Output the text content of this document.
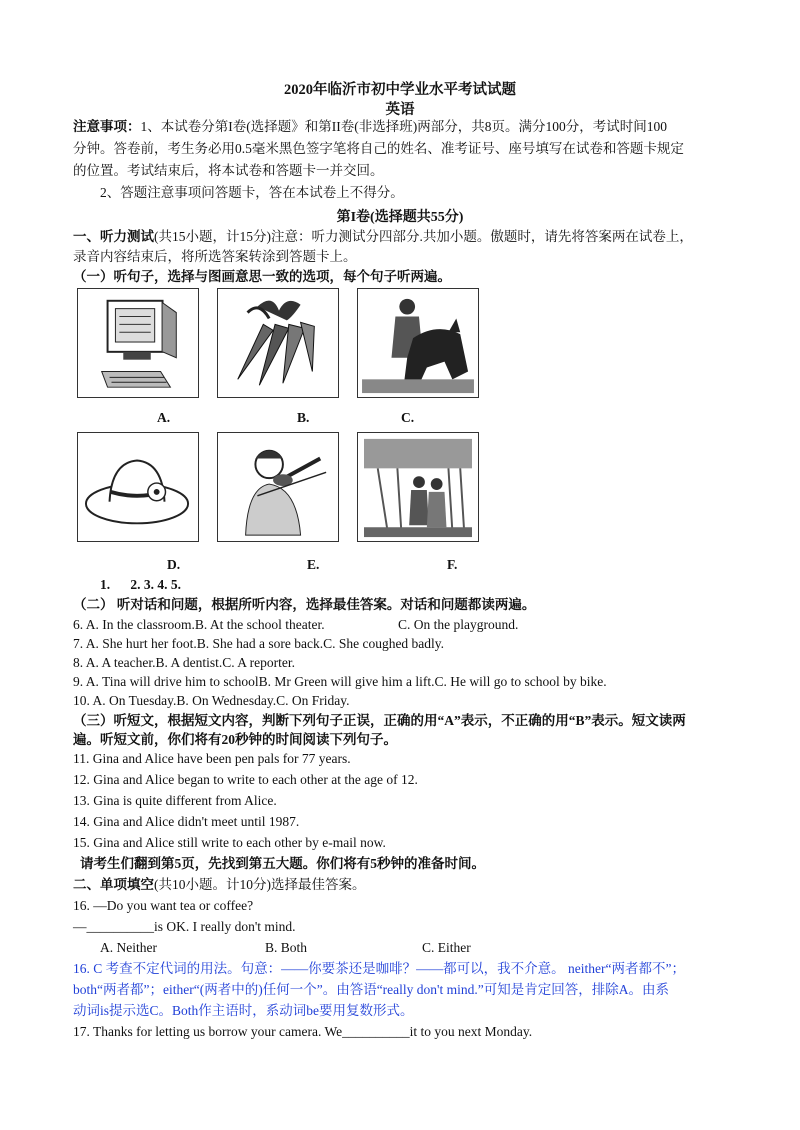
2020年临沂市初中学业水平考试试题
英语
注意事项：1、本试卷分第I卷(选择题》和第II卷(非选择班)两部分，共8页。满分100分，考试时间100
分钟。答卷前，考生务必用0.5毫米黑色签字笔将自己的姓名、准考证号、座号填写在试卷和答题卡规定
的位置。考试结束后，将本试卷和答题卡一并交回。
2、答题注意事项问答题卡，答在本试卷上不得分。
第I卷(选择题共55分)
一、听力测试(共15小题，计15分)注意：听力测试分四部分.共加小题。傲题时，请先将答案两在试卷上，
录音内容结束后，将所选答案转涂到答题卡上。
（一）听句子，选择与图画意思一致的选项，每个句子听两遍。
A.	B.	C.
D.	E.	F.
1.      2. 3. 4. 5.
（二） 听对话和问题，根据所听内容，选择最佳答案。对话和问题都读两遍。
6. A. In the classroom.B. At the school theater.	C. On the playground.
7. A. She hurt her foot.B. She had a sore back.C. She coughed badly.
8. A. A teacher.B. A dentist.C. A reporter.
9. A. Tina will drive him to schoolB. Mr Green will give him a lift.C. He will go to school by bike.
10. A. On Tuesday.B. On Wednesday.C. On Friday.
（三）听短文，根据短文内容，判断下列句子正误，正确的用“A”表示，不正确的用“B”表示。短文读两
遍。听短文前，你们将有20秒钟的时间阅读下列句子。
11. Gina and Alice have been pen pals for 77 years.
12. Gina and Alice began to write to each other at the age of 12.
13. Gina is quite different from Alice.
14. Gina and Alice didn't meet until 1987.
15. Gina and Alice still write to each other by e-mail now.
请考生们翻到第5页，先找到第五大题。你们将有5秒钟的准备时间。
二、单项填空(共10小题。计10分)选择最佳答案。
16. —Do you want tea or coffee?
—__________is OK. I really don't mind.
A. Neither	B. Both	C. Either
16. C 考查不定代词的用法。句意：——你要茶还是咖啡？——都可以，我不介意。 neither“两者都不”；
both“两者都”；either“(两者中的)任何一个”。由答语“really don't mind.”可知是肯定回答，排除A。由系
动词is提示选C。Both作主语时，系动词be要用复数形式。
17. Thanks for letting us borrow your camera. We__________it to you next Monday.
